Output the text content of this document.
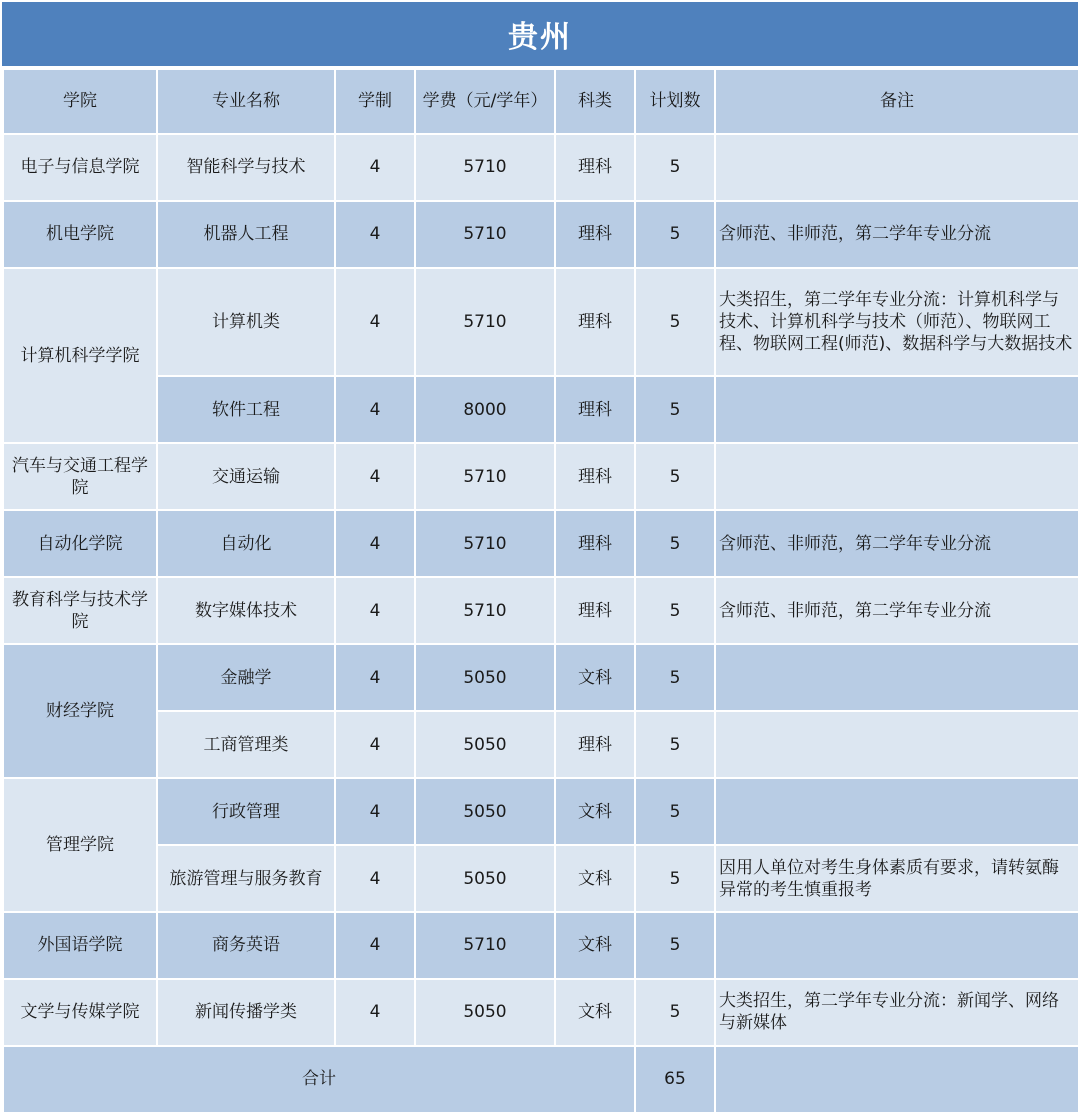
贵州
学院	专业名称	学制	学费（元/学年）	科类	计划数	备注
电子与信息学院	智能科学与技术	4	5710	理科	5	
机电学院	机器人工程	4	5710	理科	5	含师范、非师范，第二学年专业分流
计算机科学学院	计算机类	4	5710	理科	5	大类招生，第二学年专业分流：计算机科学与技术、计算机科学与技术（师范）、物联网工程、物联网工程(师范)、数据科学与大数据技术
	软件工程	4	8000	理科	5	
汽车与交通工程学院	交通运输	4	5710	理科	5	
自动化学院	自动化	4	5710	理科	5	含师范、非师范，第二学年专业分流
教育科学与技术学院	数字媒体技术	4	5710	理科	5	含师范、非师范，第二学年专业分流
财经学院	金融学	4	5050	文科	5	
	工商管理类	4	5050	理科	5	
管理学院	行政管理	4	5050	文科	5	
	旅游管理与服务教育	4	5050	文科	5	因用人单位对考生身体素质有要求，请转氨酶异常的考生慎重报考
外国语学院	商务英语	4	5710	文科	5	
文学与传媒学院	新闻传播学类	4	5050	文科	5	大类招生，第二学年专业分流：新闻学、网络与新媒体
合计					65	
